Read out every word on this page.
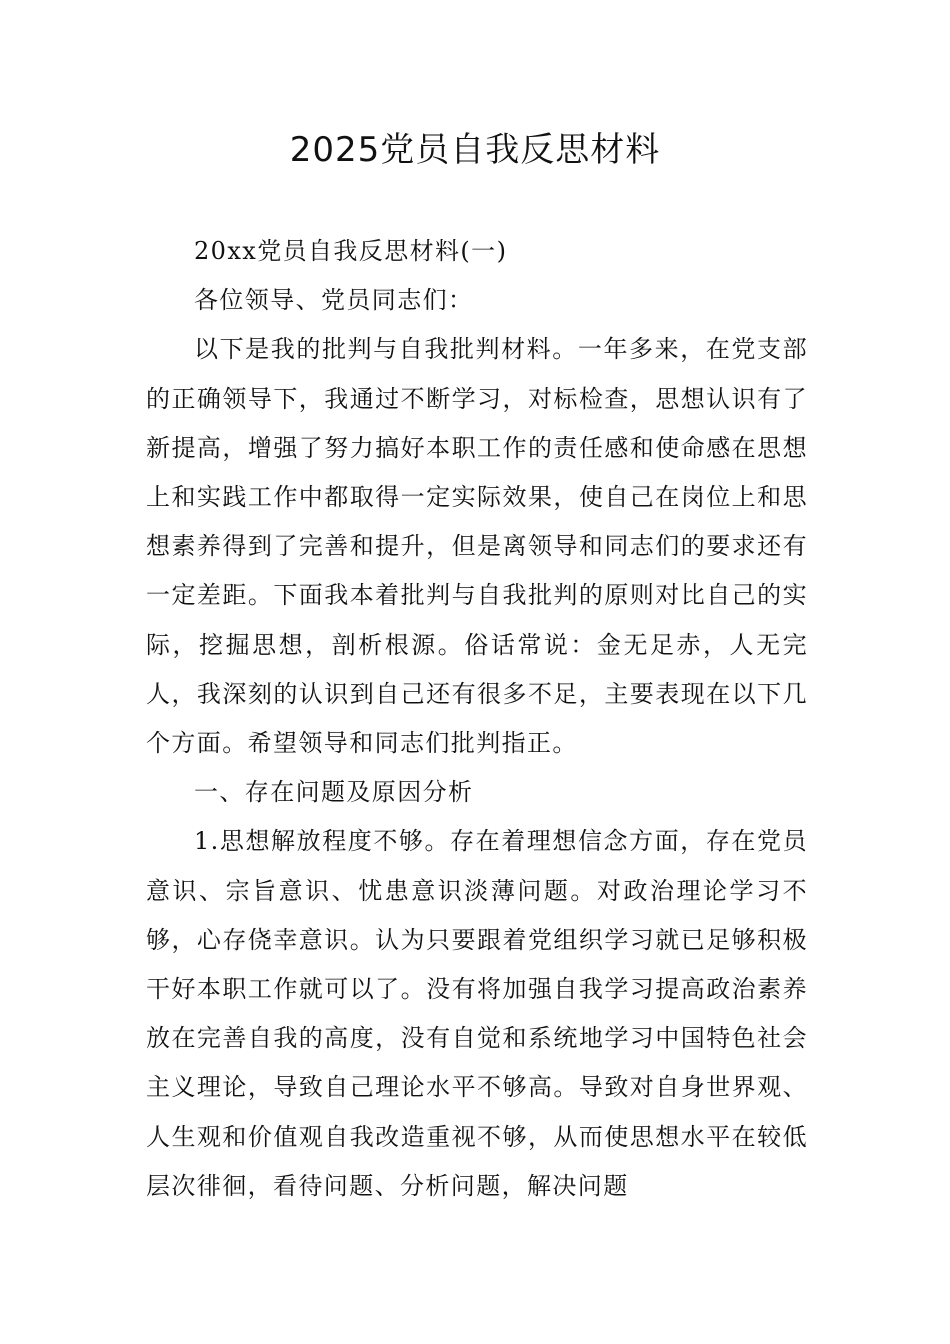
2025党员自我反思材料

20xx党员自我反思材料(一)

各位领导、党员同志们：

以下是我的批判与自我批判材料。一年多来，在党支部的正确领导下，我通过不断学习，对标检查，思想认识有了新提高，增强了努力搞好本职工作的责任感和使命感在思想上和实践工作中都取得一定实际效果，使自己在岗位上和思想素养得到了完善和提升，但是离领导和同志们的要求还有一定差距。下面我本着批判与自我批判的原则对比自己的实际，挖掘思想，剖析根源。俗话常说：金无足赤，人无完人，我深刻的认识到自己还有很多不足，主要表现在以下几个方面。希望领导和同志们批判指正。

一、存在问题及原因分析

1.思想解放程度不够。存在着理想信念方面，存在党员意识、宗旨意识、忧患意识淡薄问题。对政治理论学习不够，心存侥幸意识。认为只要跟着党组织学习就已足够积极干好本职工作就可以了。没有将加强自我学习提高政治素养放在完善自我的高度，没有自觉和系统地学习中国特色社会主义理论，导致自己理论水平不够高。导致对自身世界观、人生观和价值观自我改造重视不够，从而使思想水平在较低层次徘徊，看待问题、分析问题，解决问题
